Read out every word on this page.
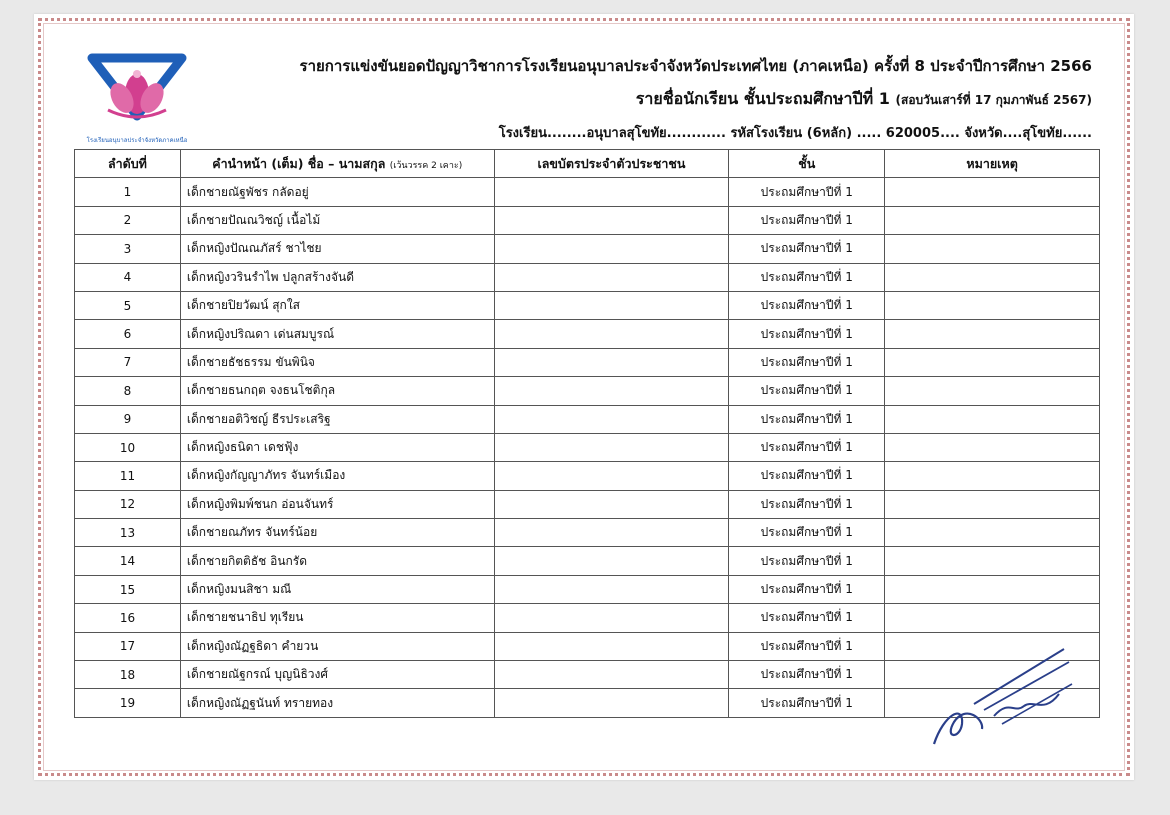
โรงเรียนอนุบาลประจำจังหวัดภาคเหนือ
รายการแข่งขันยอดปัญญาวิชาการโรงเรียนอนุบาลประจำจังหวัดประเทศไทย (ภาคเหนือ) ครั้งที่ 8 ประจำปีการศึกษา 2566
รายชื่อนักเรียน ชั้นประถมศึกษาปีที่ 1 (สอบวันเสาร์ที่ 17 กุมภาพันธ์ 2567)
โรงเรียน........อนุบาลสุโขทัย............ รหัสโรงเรียน (6หลัก) ..... 620005.... จังหวัด....สุโขทัย......
ลำดับที่	คำนำหน้า (เต็ม) ชื่อ – นามสกุล (เว้นวรรค 2 เคาะ)	เลขบัตรประจำตัวประชาชน	ชั้น	หมายเหตุ
1	เด็กชายณัฐพัชร กลัดอยู่		ประถมศึกษาปีที่ 1	
2	เด็กชายปัณณวิชญ์ เนื้อไม้		ประถมศึกษาปีที่ 1	
3	เด็กหญิงปัณณภัสร์ ชาไชย		ประถมศึกษาปีที่ 1	
4	เด็กหญิงวรินรำไพ ปลูกสร้างจันดี		ประถมศึกษาปีที่ 1	
5	เด็กชายปิยวัฒน์ สุกใส		ประถมศึกษาปีที่ 1	
6	เด็กหญิงปริณดา เด่นสมบูรณ์		ประถมศึกษาปีที่ 1	
7	เด็กชายธัชธรรม ขันพินิจ		ประถมศึกษาปีที่ 1	
8	เด็กชายธนกฤต จงธนโชติกุล		ประถมศึกษาปีที่ 1	
9	เด็กชายอติวิชญ์ ธีรประเสริฐ		ประถมศึกษาปีที่ 1	
10	เด็กหญิงธนิดา เดชฟุ้ง		ประถมศึกษาปีที่ 1	
11	เด็กหญิงกัญญาภัทร จันทร์เมือง		ประถมศึกษาปีที่ 1	
12	เด็กหญิงพิมพ์ชนก อ่อนจันทร์		ประถมศึกษาปีที่ 1	
13	เด็กชายณภัทร จันทร์น้อย		ประถมศึกษาปีที่ 1	
14	เด็กชายกิตติธัช อินกรัด		ประถมศึกษาปีที่ 1	
15	เด็กหญิงมนสิชา มณี		ประถมศึกษาปีที่ 1	
16	เด็กชายชนาธิป ทุเรียน		ประถมศึกษาปีที่ 1	
17	เด็กหญิงณัฏฐธิดา คำยวน		ประถมศึกษาปีที่ 1	
18	เด็กชายณัฐกรณ์ บุญนิธิวงศ์		ประถมศึกษาปีที่ 1	
19	เด็กหญิงณัฏฐนันท์ ทรายทอง		ประถมศึกษาปีที่ 1	
